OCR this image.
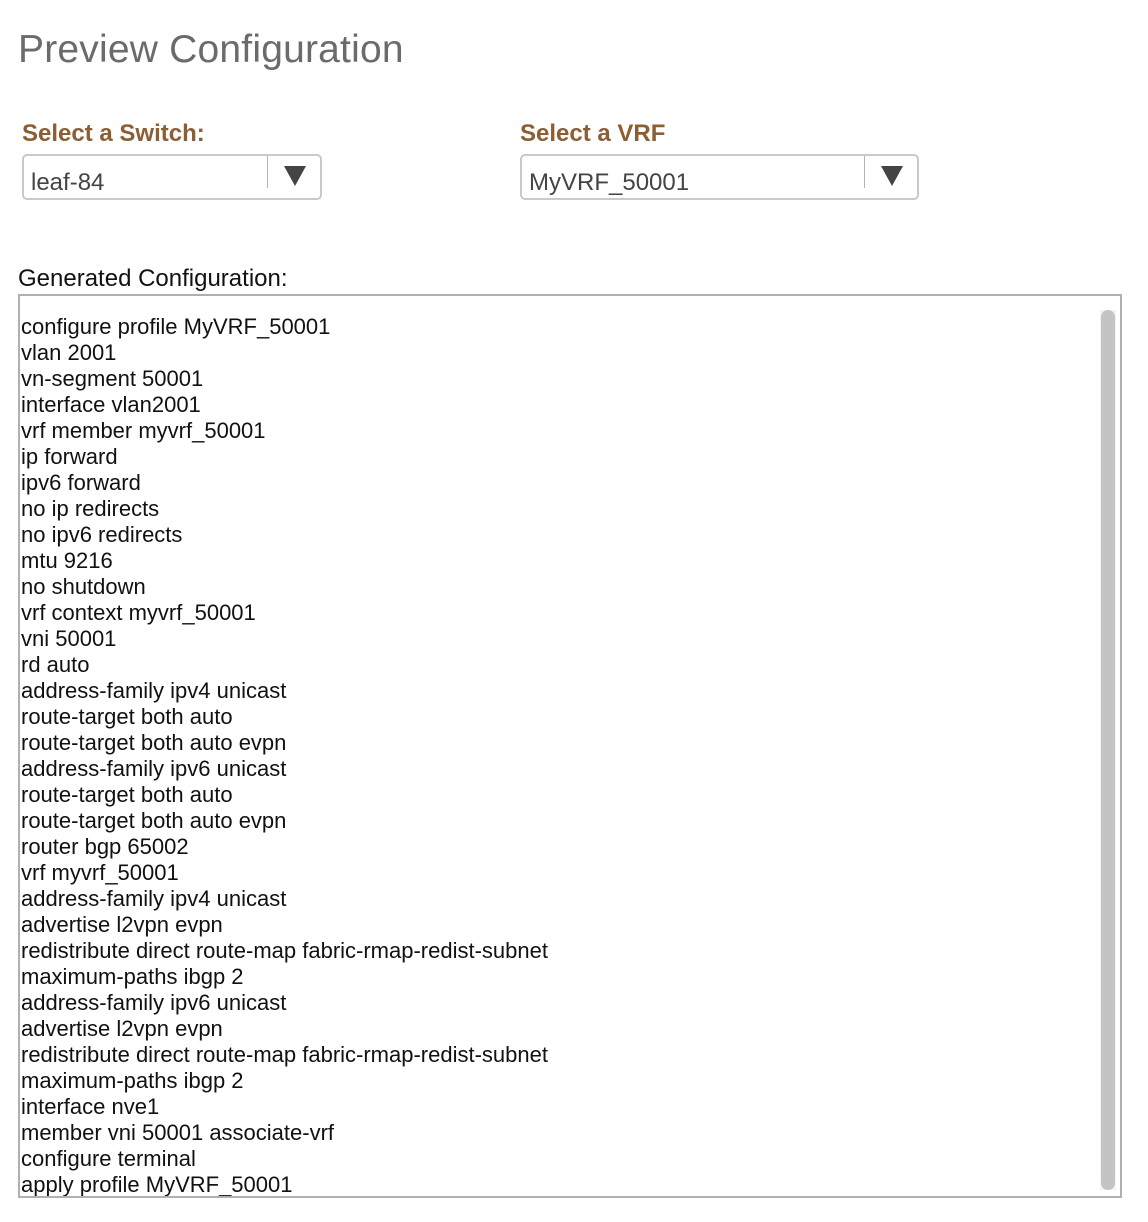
Preview Configuration
Select a Switch:
leaf-84
Select a VRF
MyVRF_50001
Generated Configuration:
configure profile MyVRF_50001
vlan 2001
vn-segment 50001
interface vlan2001
vrf member myvrf_50001
ip forward
ipv6 forward
no ip redirects
no ipv6 redirects
mtu 9216
no shutdown
vrf context myvrf_50001
vni 50001
rd auto
address-family ipv4 unicast
route-target both auto
route-target both auto evpn
address-family ipv6 unicast
route-target both auto
route-target both auto evpn
router bgp 65002
vrf myvrf_50001
address-family ipv4 unicast
advertise l2vpn evpn
redistribute direct route-map fabric-rmap-redist-subnet
maximum-paths ibgp 2
address-family ipv6 unicast
advertise l2vpn evpn
redistribute direct route-map fabric-rmap-redist-subnet
maximum-paths ibgp 2
interface nve1
member vni 50001 associate-vrf
configure terminal
apply profile MyVRF_50001
